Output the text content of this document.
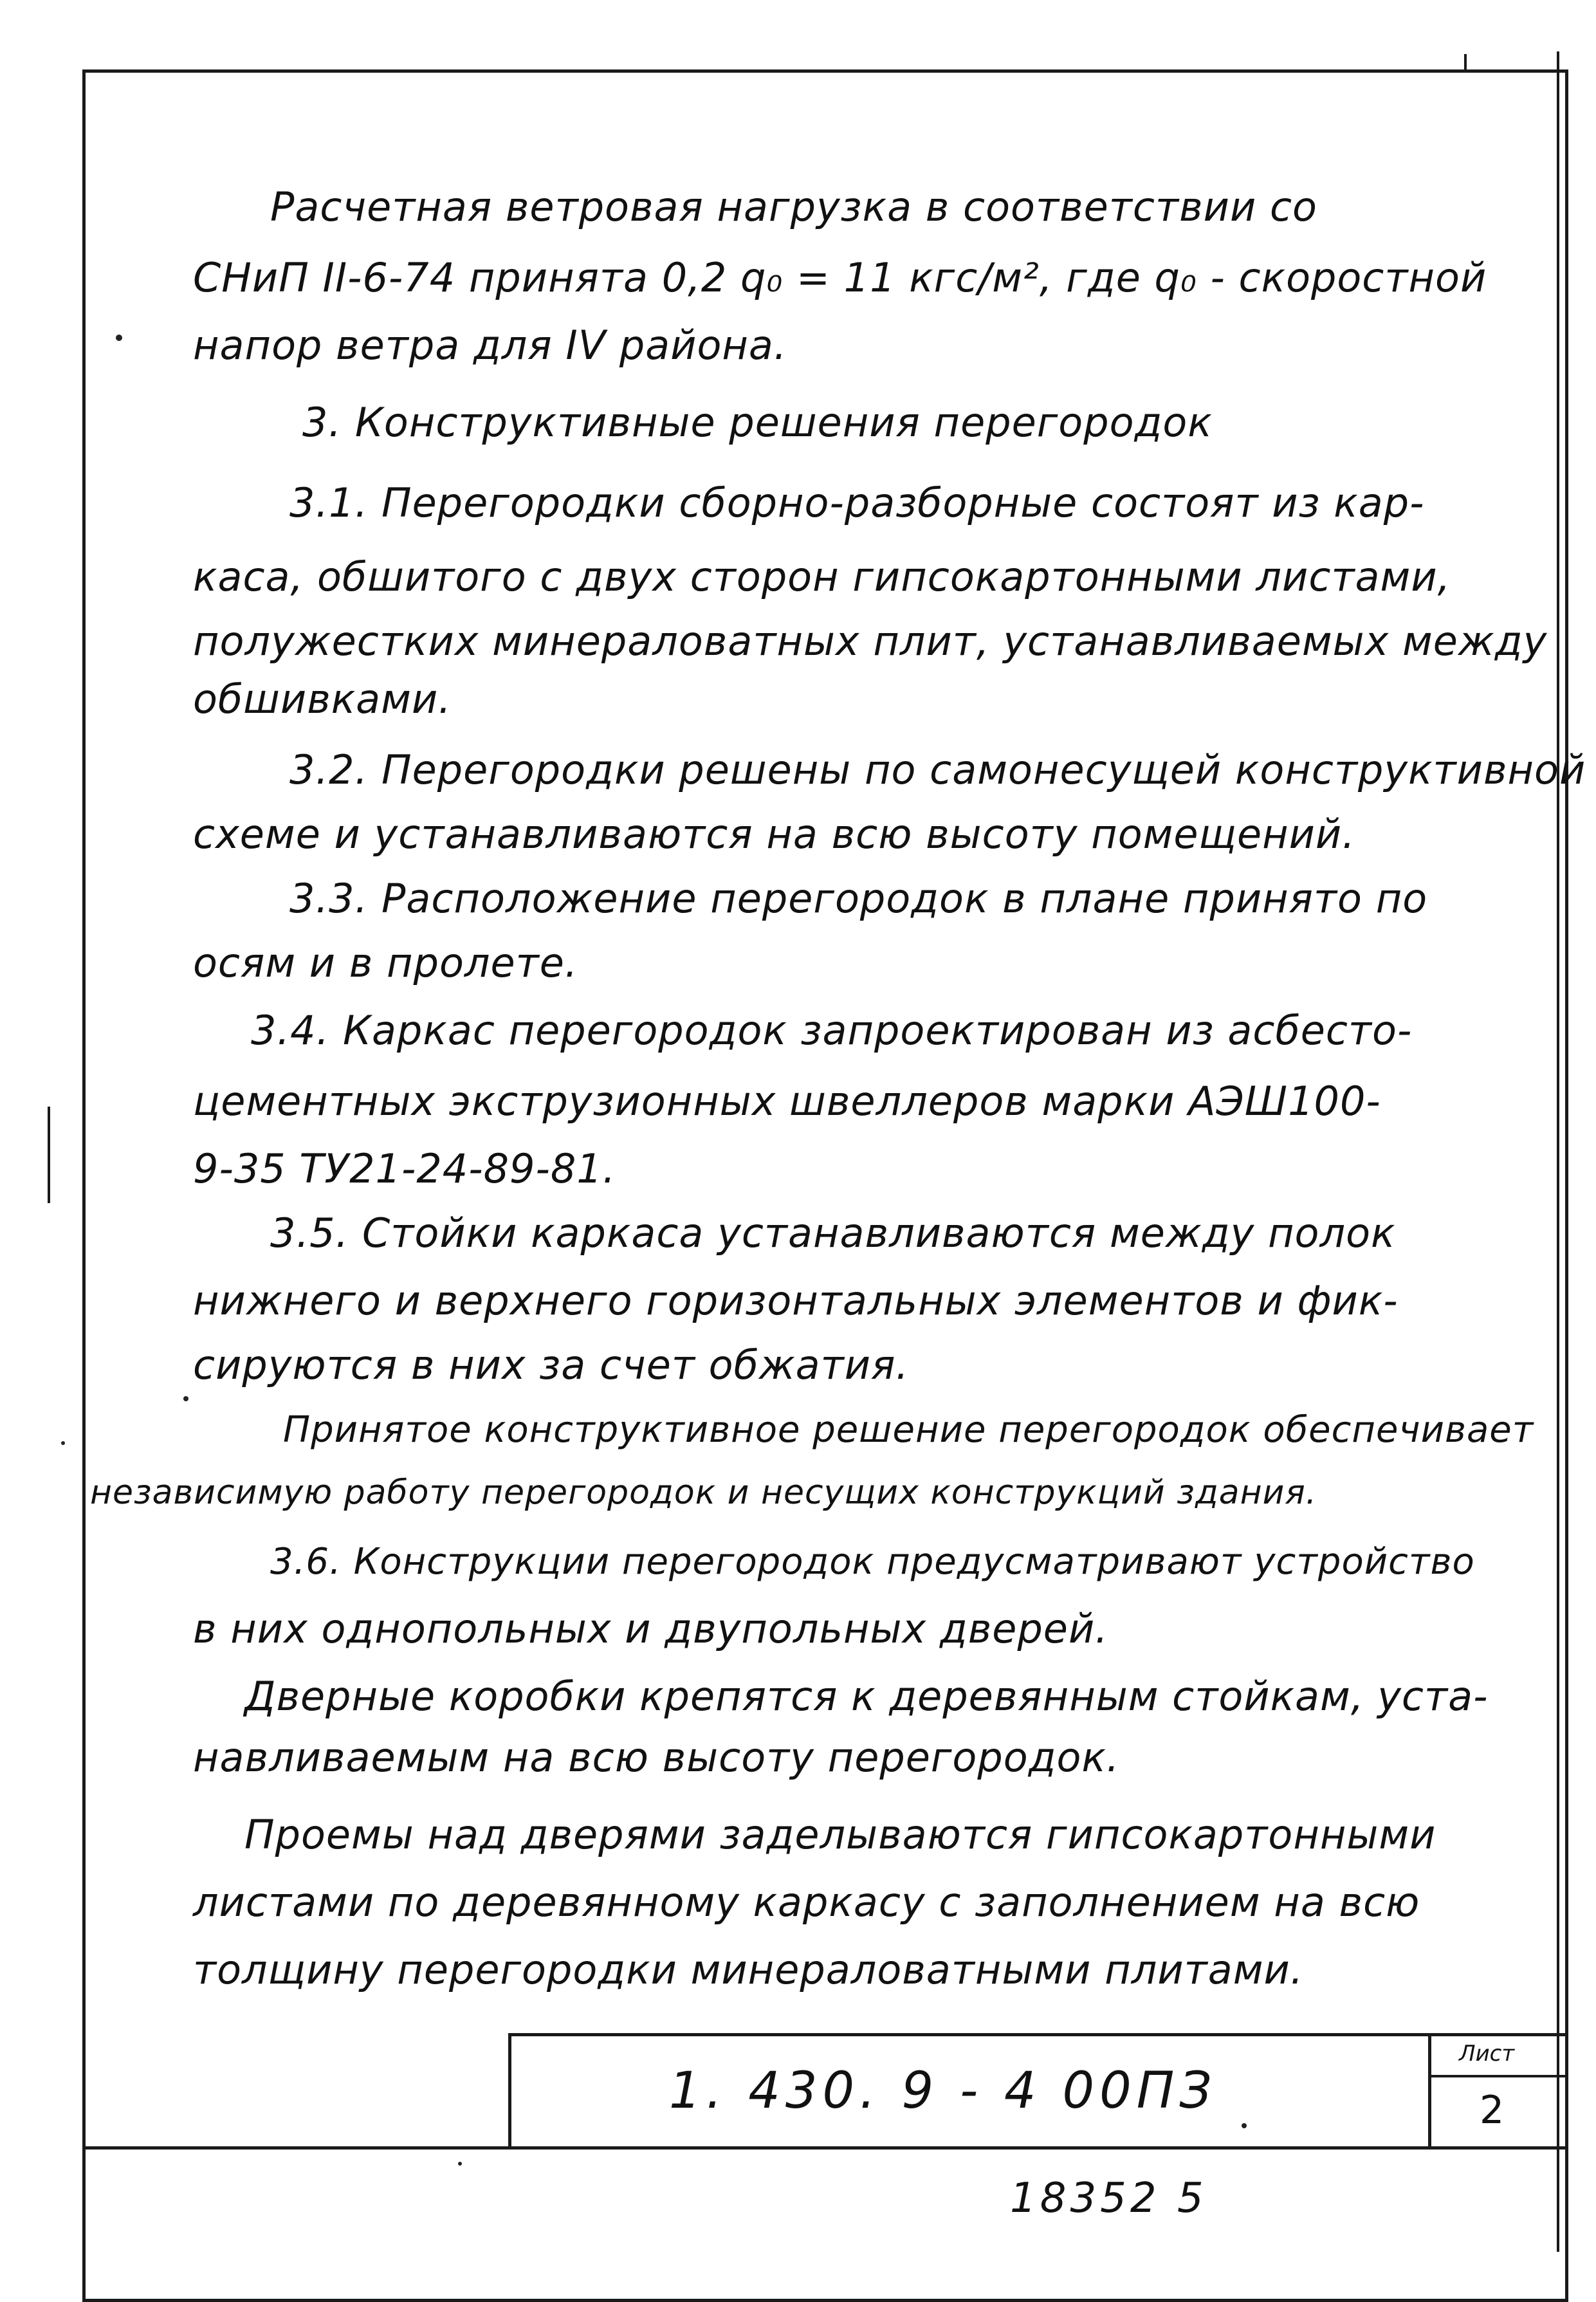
Расчетная ветровая нагрузка в соответствии со
СНиП II-6-74 принята 0,2 q₀ = 11 кгс/м², где q₀ - скоростной
напор ветра для IV района.
3. Конструктивные решения перегородок
3.1. Перегородки сборно-разборные состоят из кар-
каса, обшитого с двух сторон гипсокартонными листами,
полужестких минераловатных плит, устанавливаемых между
обшивками.
3.2. Перегородки решены по самонесущей конструктивной
схеме и устанавливаются на всю высоту помещений.
3.3. Расположение перегородок в плане принято по
осям и в пролете.
3.4. Каркас перегородок запроектирован из асбесто-
цементных экструзионных швеллеров марки АЭШ100-
9-35 ТУ21-24-89-81.
3.5. Стойки каркаса устанавливаются между полок
нижнего и верхнего горизонтальных элементов и фик-
сируются в них за счет обжатия.
Принятое конструктивное решение перегородок обеспечивает
независимую работу перегородок и несущих конструкций здания.
3.6. Конструкции перегородок предусматривают устройство
в них однопольных и двупольных дверей.
Дверные коробки крепятся к деревянным стойкам, уста-
навливаемым на всю высоту перегородок.
Проемы над дверями заделываются гипсокартонными
листами по деревянному каркасу с заполнением на всю
толщину перегородки минераловатными плитами.
1. 430. 9 - 4 00ПЗ
Лист
2
18352 5
